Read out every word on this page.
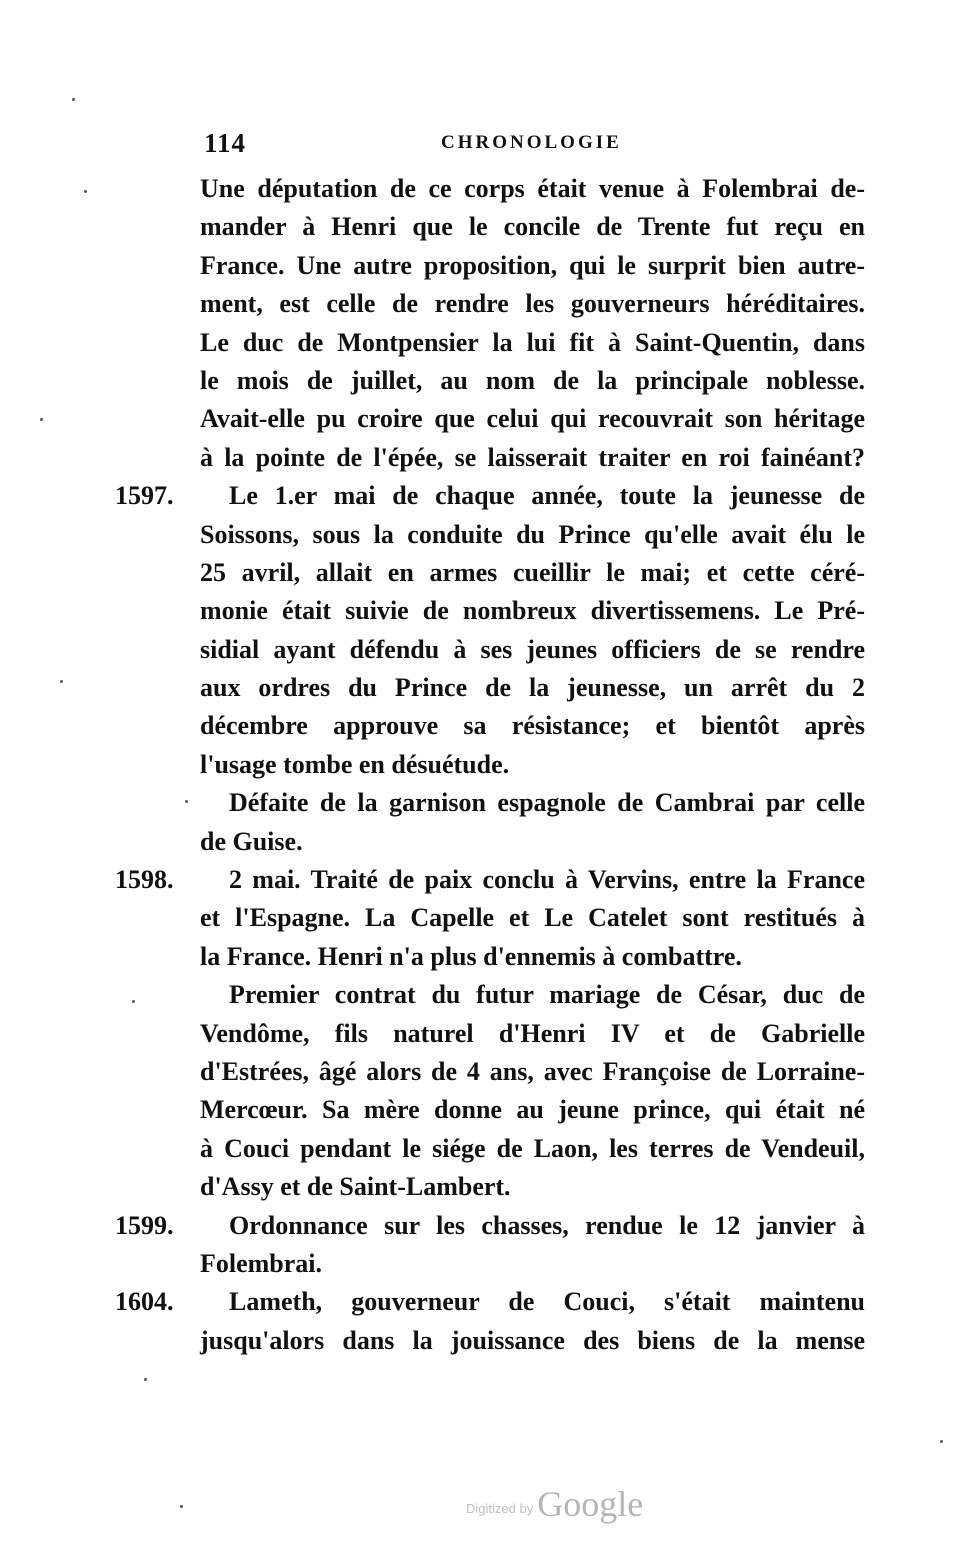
114	CHRONOLOGIE
Une députation de ce corps était venue à Folembrai de-
mander à Henri que le concile de Trente fut reçu en
France. Une autre proposition, qui le surprit bien autre-
ment, est celle de rendre les gouverneurs héréditaires.
Le duc de Montpensier la lui fit à Saint-Quentin, dans
le mois de juillet, au nom de la principale noblesse.
Avait-elle pu croire que celui qui recouvrait son héritage
à la pointe de l'épée, se laisserait traiter en roi fainéant?
1597. Le 1.er mai de chaque année, toute la jeunesse de
Soissons, sous la conduite du Prince qu'elle avait élu le
25 avril, allait en armes cueillir le mai; et cette céré-
monie était suivie de nombreux divertissemens. Le Pré-
sidial ayant défendu à ses jeunes officiers de se rendre
aux ordres du Prince de la jeunesse, un arrêt du 2
décembre approuve sa résistance; et bientôt après
l'usage tombe en désuétude.
Défaite de la garnison espagnole de Cambrai par celle
de Guise.
1598. 2 mai. Traité de paix conclu à Vervins, entre la France
et l'Espagne. La Capelle et Le Catelet sont restitués à
la France. Henri n'a plus d'ennemis à combattre.
Premier contrat du futur mariage de César, duc de
Vendôme, fils naturel d'Henri IV et de Gabrielle
d'Estrées, âgé alors de 4 ans, avec Françoise de Lorraine-
Mercœur. Sa mère donne au jeune prince, qui était né
à Couci pendant le siége de Laon, les terres de Vendeuil,
d'Assy et de Saint-Lambert.
1599. Ordonnance sur les chasses, rendue le 12 janvier à
Folembrai.
1604. Lameth, gouverneur de Couci, s'était maintenu
jusqu'alors dans la jouissance des biens de la mense
Digitized by Google
